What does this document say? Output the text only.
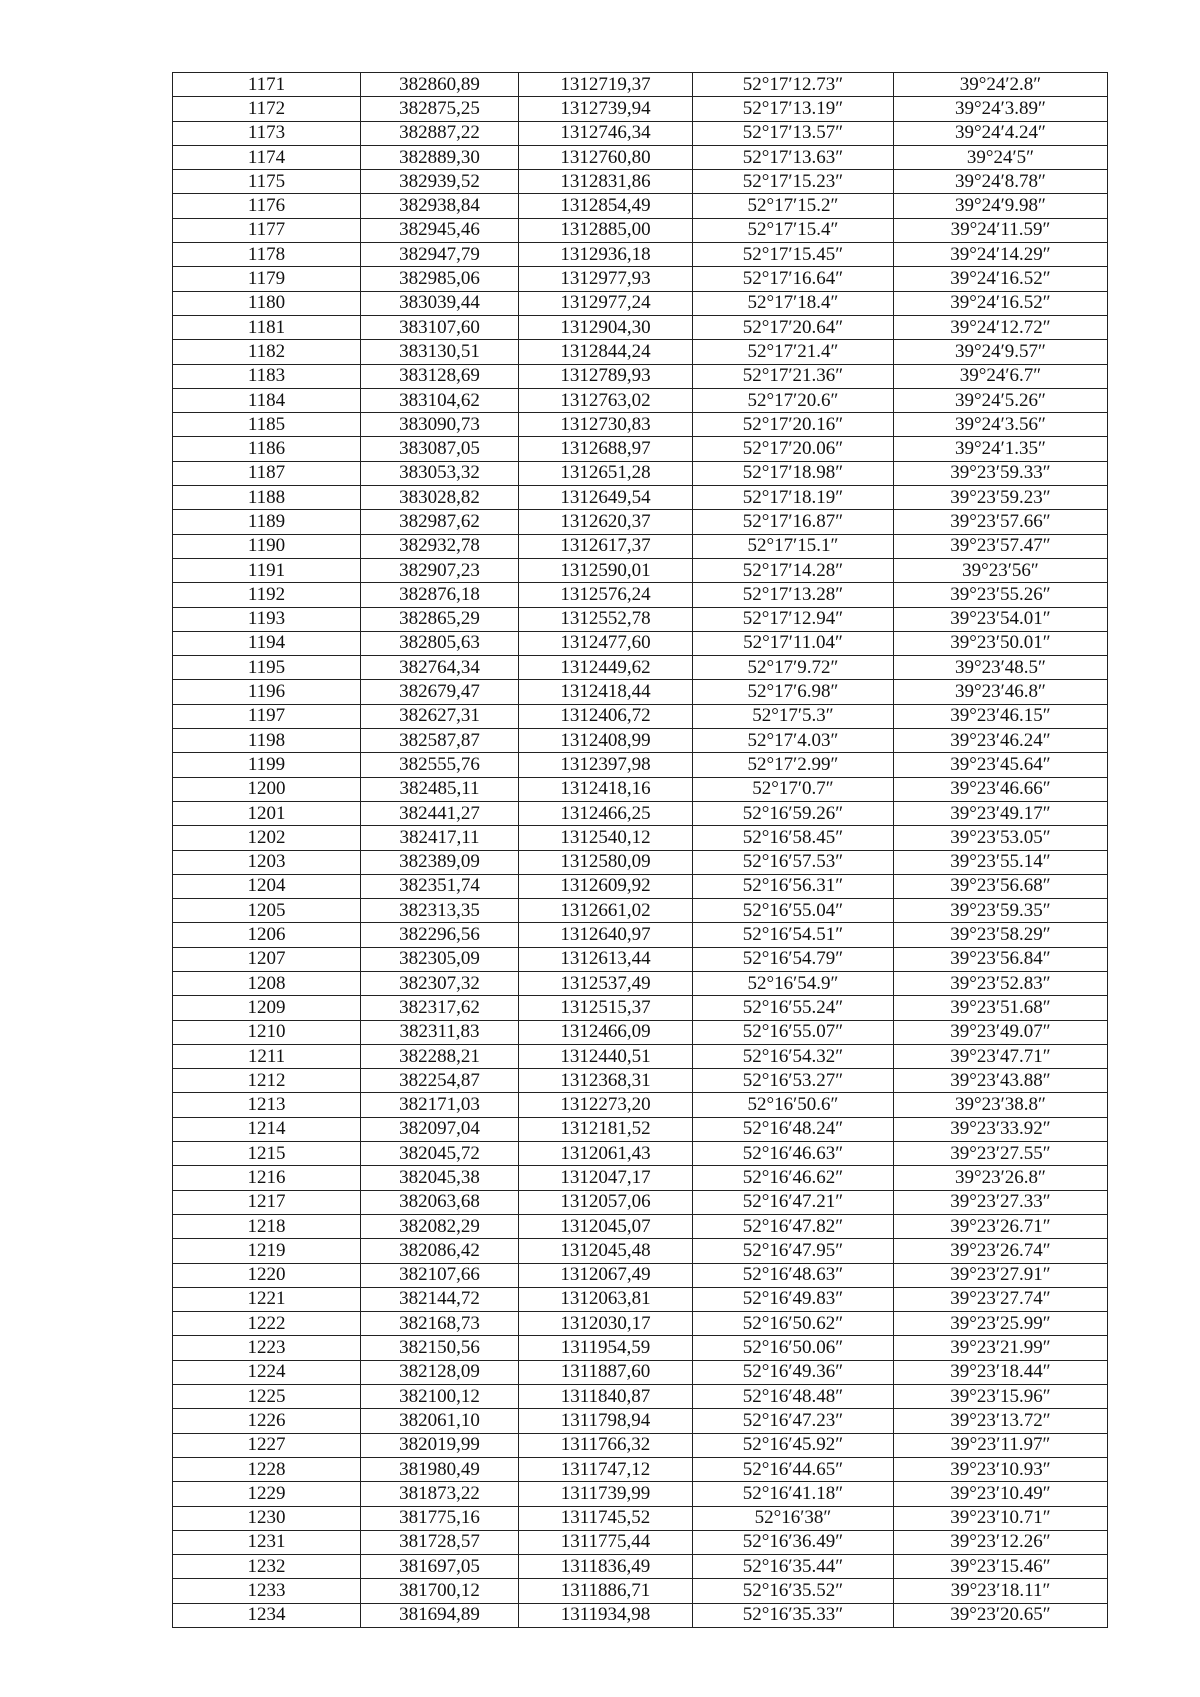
1171	382860,89	1312719,37	52°17′12.73″	39°24′2.8″
1172	382875,25	1312739,94	52°17′13.19″	39°24′3.89″
1173	382887,22	1312746,34	52°17′13.57″	39°24′4.24″
1174	382889,30	1312760,80	52°17′13.63″	39°24′5″
1175	382939,52	1312831,86	52°17′15.23″	39°24′8.78″
1176	382938,84	1312854,49	52°17′15.2″	39°24′9.98″
1177	382945,46	1312885,00	52°17′15.4″	39°24′11.59″
1178	382947,79	1312936,18	52°17′15.45″	39°24′14.29″
1179	382985,06	1312977,93	52°17′16.64″	39°24′16.52″
1180	383039,44	1312977,24	52°17′18.4″	39°24′16.52″
1181	383107,60	1312904,30	52°17′20.64″	39°24′12.72″
1182	383130,51	1312844,24	52°17′21.4″	39°24′9.57″
1183	383128,69	1312789,93	52°17′21.36″	39°24′6.7″
1184	383104,62	1312763,02	52°17′20.6″	39°24′5.26″
1185	383090,73	1312730,83	52°17′20.16″	39°24′3.56″
1186	383087,05	1312688,97	52°17′20.06″	39°24′1.35″
1187	383053,32	1312651,28	52°17′18.98″	39°23′59.33″
1188	383028,82	1312649,54	52°17′18.19″	39°23′59.23″
1189	382987,62	1312620,37	52°17′16.87″	39°23′57.66″
1190	382932,78	1312617,37	52°17′15.1″	39°23′57.47″
1191	382907,23	1312590,01	52°17′14.28″	39°23′56″
1192	382876,18	1312576,24	52°17′13.28″	39°23′55.26″
1193	382865,29	1312552,78	52°17′12.94″	39°23′54.01″
1194	382805,63	1312477,60	52°17′11.04″	39°23′50.01″
1195	382764,34	1312449,62	52°17′9.72″	39°23′48.5″
1196	382679,47	1312418,44	52°17′6.98″	39°23′46.8″
1197	382627,31	1312406,72	52°17′5.3″	39°23′46.15″
1198	382587,87	1312408,99	52°17′4.03″	39°23′46.24″
1199	382555,76	1312397,98	52°17′2.99″	39°23′45.64″
1200	382485,11	1312418,16	52°17′0.7″	39°23′46.66″
1201	382441,27	1312466,25	52°16′59.26″	39°23′49.17″
1202	382417,11	1312540,12	52°16′58.45″	39°23′53.05″
1203	382389,09	1312580,09	52°16′57.53″	39°23′55.14″
1204	382351,74	1312609,92	52°16′56.31″	39°23′56.68″
1205	382313,35	1312661,02	52°16′55.04″	39°23′59.35″
1206	382296,56	1312640,97	52°16′54.51″	39°23′58.29″
1207	382305,09	1312613,44	52°16′54.79″	39°23′56.84″
1208	382307,32	1312537,49	52°16′54.9″	39°23′52.83″
1209	382317,62	1312515,37	52°16′55.24″	39°23′51.68″
1210	382311,83	1312466,09	52°16′55.07″	39°23′49.07″
1211	382288,21	1312440,51	52°16′54.32″	39°23′47.71″
1212	382254,87	1312368,31	52°16′53.27″	39°23′43.88″
1213	382171,03	1312273,20	52°16′50.6″	39°23′38.8″
1214	382097,04	1312181,52	52°16′48.24″	39°23′33.92″
1215	382045,72	1312061,43	52°16′46.63″	39°23′27.55″
1216	382045,38	1312047,17	52°16′46.62″	39°23′26.8″
1217	382063,68	1312057,06	52°16′47.21″	39°23′27.33″
1218	382082,29	1312045,07	52°16′47.82″	39°23′26.71″
1219	382086,42	1312045,48	52°16′47.95″	39°23′26.74″
1220	382107,66	1312067,49	52°16′48.63″	39°23′27.91″
1221	382144,72	1312063,81	52°16′49.83″	39°23′27.74″
1222	382168,73	1312030,17	52°16′50.62″	39°23′25.99″
1223	382150,56	1311954,59	52°16′50.06″	39°23′21.99″
1224	382128,09	1311887,60	52°16′49.36″	39°23′18.44″
1225	382100,12	1311840,87	52°16′48.48″	39°23′15.96″
1226	382061,10	1311798,94	52°16′47.23″	39°23′13.72″
1227	382019,99	1311766,32	52°16′45.92″	39°23′11.97″
1228	381980,49	1311747,12	52°16′44.65″	39°23′10.93″
1229	381873,22	1311739,99	52°16′41.18″	39°23′10.49″
1230	381775,16	1311745,52	52°16′38″	39°23′10.71″
1231	381728,57	1311775,44	52°16′36.49″	39°23′12.26″
1232	381697,05	1311836,49	52°16′35.44″	39°23′15.46″
1233	381700,12	1311886,71	52°16′35.52″	39°23′18.11″
1234	381694,89	1311934,98	52°16′35.33″	39°23′20.65″
